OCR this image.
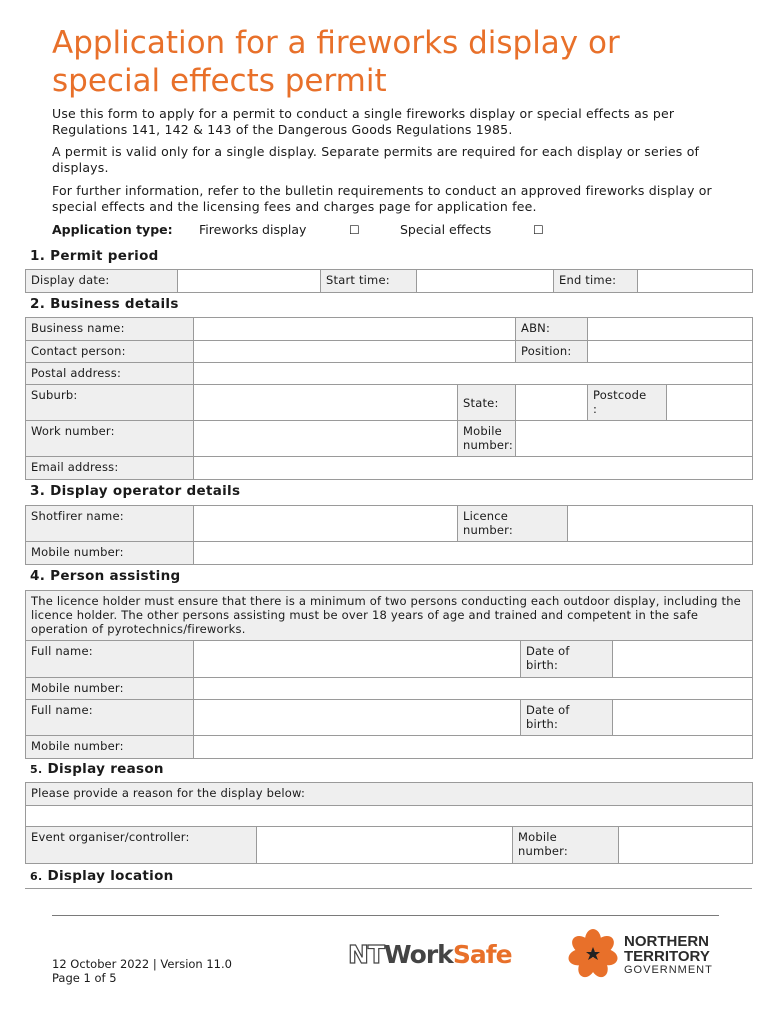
Application for a fireworks display or special effects permit

Use this form to apply for a permit to conduct a single fireworks display or special effects as per Regulations 141, 142 & 143 of the Dangerous Goods Regulations 1985.

A permit is valid only for a single display. Separate permits are required for each display or series of displays.

For further information, refer to the bulletin requirements to conduct an approved fireworks display or special effects and the licensing fees and charges page for application fee.

Application type: Fireworks display	☐	Special effects	☐
1. Permit period
Display date:		Start time:		End time:	
2. Business details
Business name:			ABN:		
Contact person:			Position:		
Postal address:					
Suburb:		State:		Postcode
:	
Work number:		Mobile
number:			
Email address:					
3. Display operator details
Shotfirer name:		Licence
number:	
Mobile number:			
4. Person assisting
The licence holder must ensure that there is a minimum of two persons conducting each outdoor display, including the licence holder. The other persons assisting must be over 18 years of age and trained and competent in the safe operation of pyrotechnics/fireworks.			
Full name:		Date of
birth:	
Mobile number:			
Full name:		Date of
birth:	
Mobile number:			
5. Display reason
Please provide a reason for the display below:

Event organiser/controller:		Mobile
number:	
6. Display location
12 October 2022 | Version 11.0
Page 1 of 5
NTWorkSafe	NORTHERN
TERRITORY
GOVERNMENT
